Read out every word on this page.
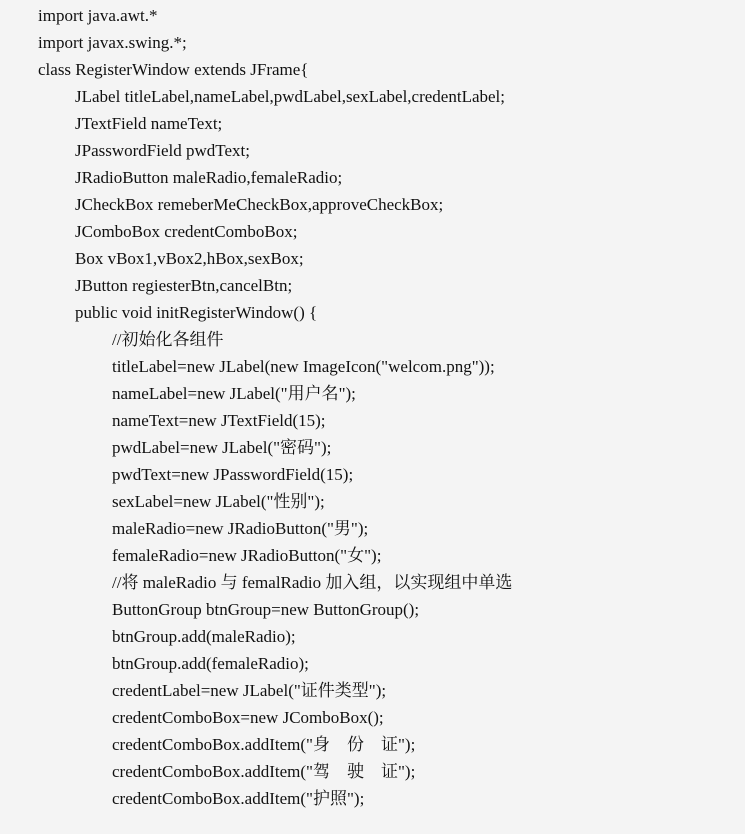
import java.awt.*
import javax.swing.*;
class RegisterWindow extends JFrame{
JLabel titleLabel,nameLabel,pwdLabel,sexLabel,credentLabel;
JTextField nameText;
JPasswordField pwdText;
JRadioButton maleRadio,femaleRadio;
JCheckBox remeberMeCheckBox,approveCheckBox;
JComboBox credentComboBox;
Box vBox1,vBox2,hBox,sexBox;
JButton regiesterBtn,cancelBtn;
public void initRegisterWindow() {
//初始化各组件
titleLabel=new JLabel(new ImageIcon("welcom.png"));
nameLabel=new JLabel("用户名");
nameText=new JTextField(15);
pwdLabel=new JLabel("密码");
pwdText=new JPasswordField(15);
sexLabel=new JLabel("性别");
maleRadio=new JRadioButton("男");
femaleRadio=new JRadioButton("女");
//将 maleRadio 与 femalRadio 加入组，以实现组中单选
ButtonGroup btnGroup=new ButtonGroup();
btnGroup.add(maleRadio);
btnGroup.add(femaleRadio);
credentLabel=new JLabel("证件类型");
credentComboBox=new JComboBox();
credentComboBox.addItem("身　份　证");
credentComboBox.addItem("驾　驶　证");
credentComboBox.addItem("护照");
